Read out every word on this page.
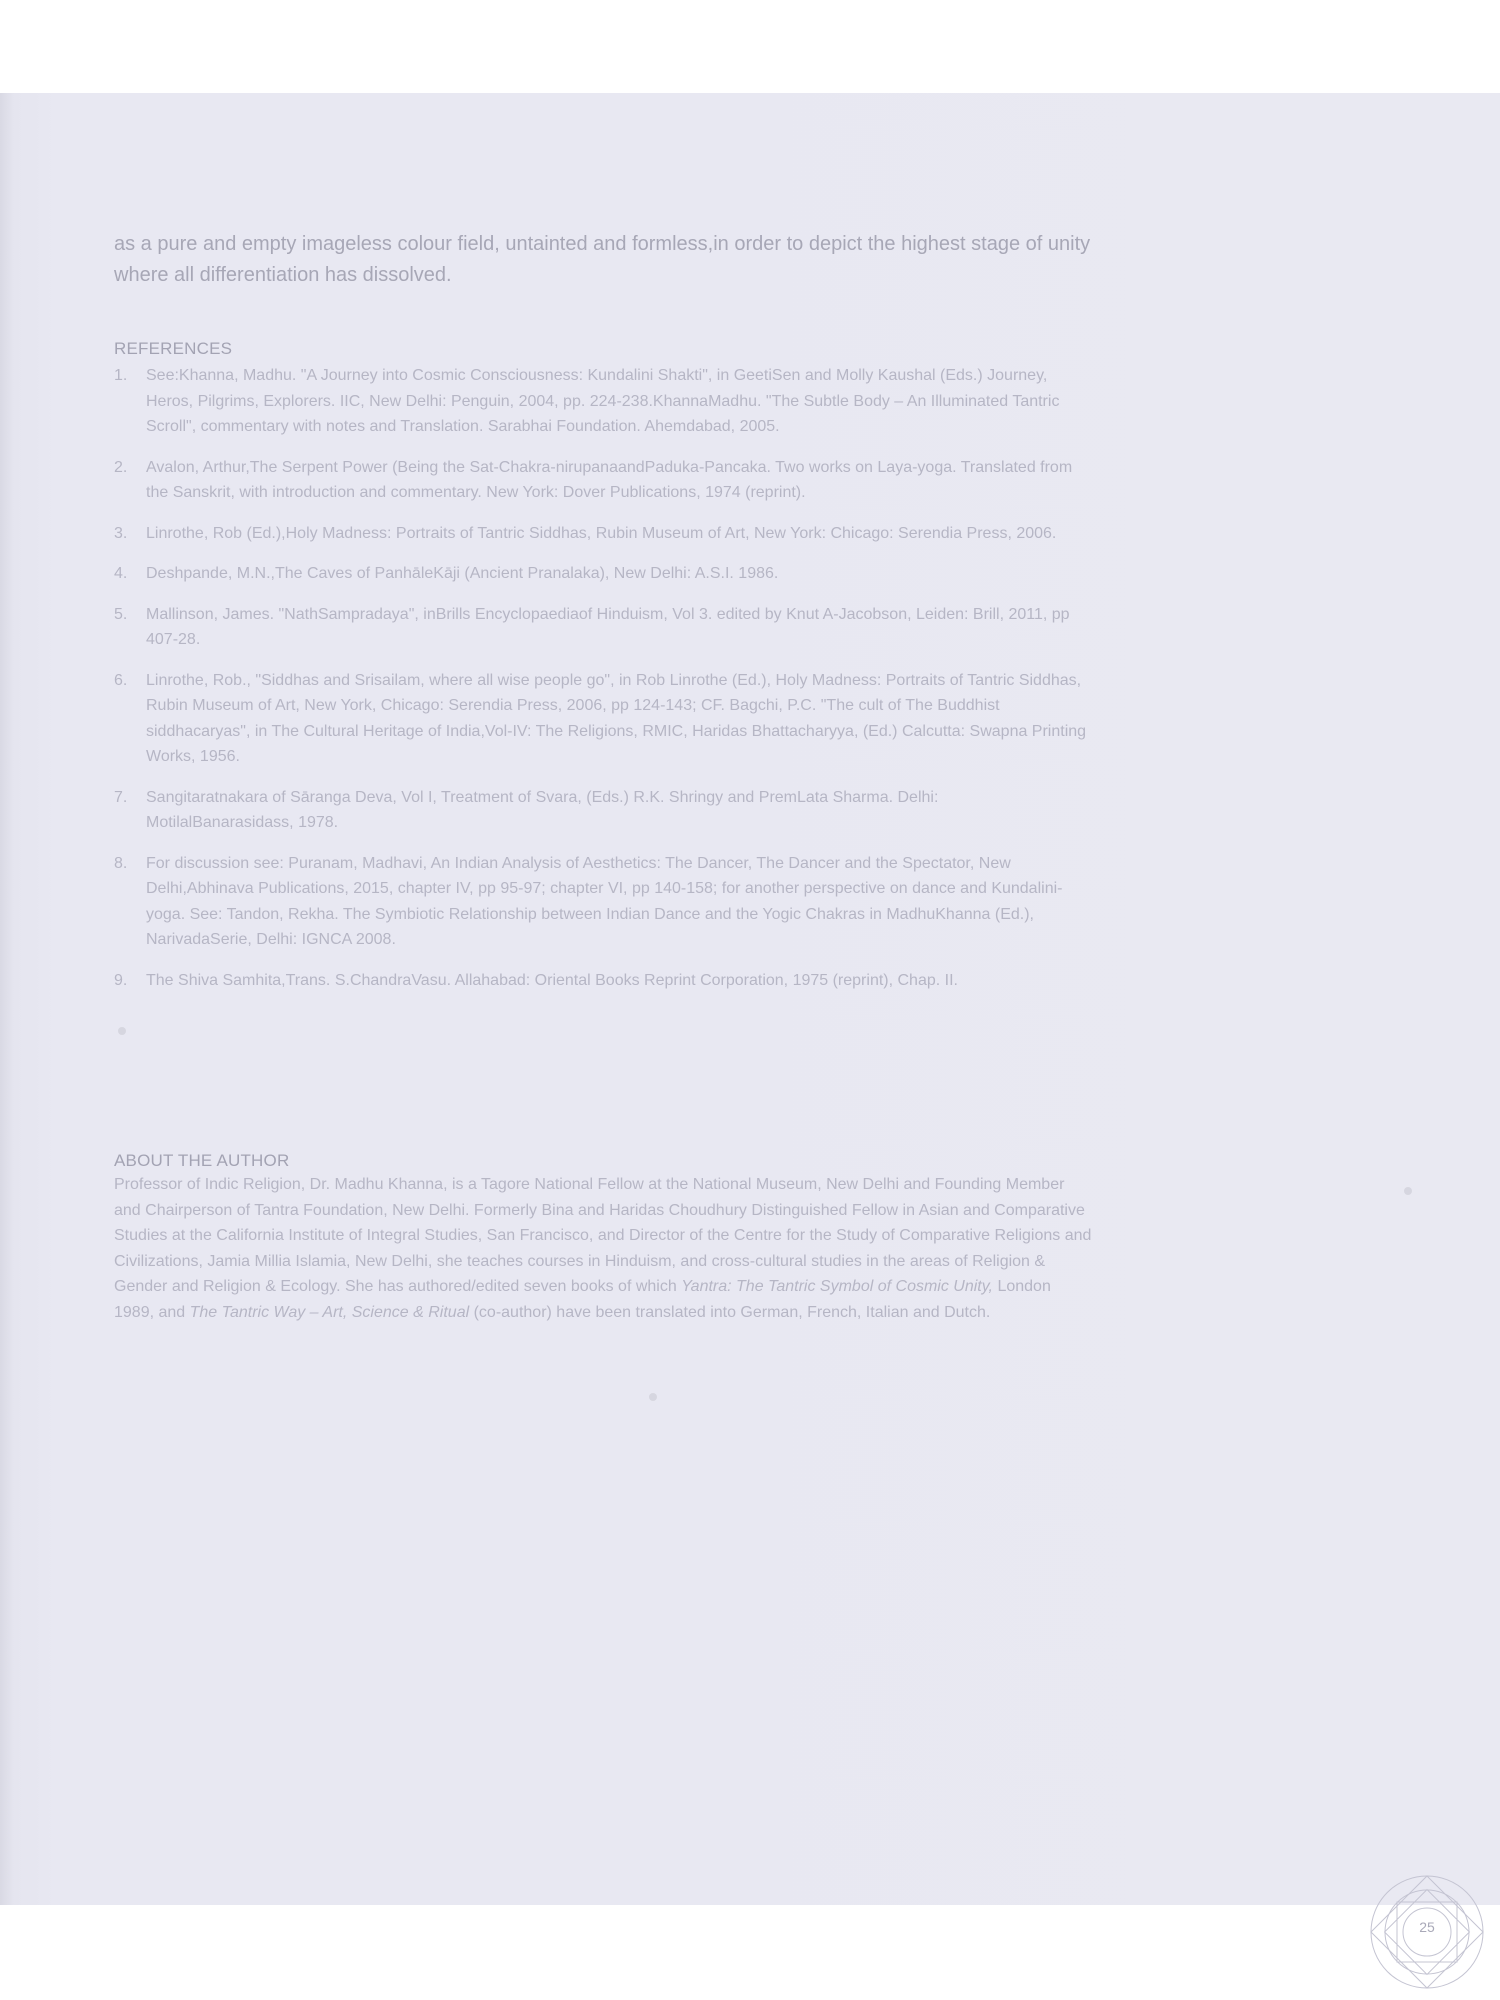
as a pure and empty imageless colour field, untainted and formless,in order to depict the highest stage of unity where all differentiation has dissolved.

REFERENCES

1. See:Khanna, Madhu. "A Journey into Cosmic Consciousness: Kundalini Shakti", in GeetiSen and Molly Kaushal (Eds.) Journey, Heros, Pilgrims, Explorers. IIC, New Delhi: Penguin, 2004, pp. 224-238.KhannaMadhu. "The Subtle Body – An Illuminated Tantric Scroll", commentary with notes and Translation. Sarabhai Foundation. Ahemdabad, 2005.
2. Avalon, Arthur,The Serpent Power (Being the Sat-Chakra-nirupanaandPaduka-Pancaka. Two works on Laya-yoga. Translated from the Sanskrit, with introduction and commentary. New York: Dover Publications, 1974 (reprint).
3. Linrothe, Rob (Ed.),Holy Madness: Portraits of Tantric Siddhas, Rubin Museum of Art, New York: Chicago: Serendia Press, 2006.
4. Deshpande, M.N.,The Caves of PanhāleKāji (Ancient Pranalaka), New Delhi: A.S.I. 1986.
5. Mallinson, James. "NathSampradaya", inBrills Encyclopaediaof Hinduism, Vol 3. edited by Knut A-Jacobson, Leiden: Brill, 2011, pp 407-28.
6. Linrothe, Rob., "Siddhas and Srisailam, where all wise people go", in Rob Linrothe (Ed.), Holy Madness: Portraits of Tantric Siddhas, Rubin Museum of Art, New York, Chicago: Serendia Press, 2006, pp 124-143; CF. Bagchi, P.C. "The cult of The Buddhist siddhacaryas", in The Cultural Heritage of India,Vol-IV: The Religions, RMIC, Haridas Bhattacharyya, (Ed.) Calcutta: Swapna Printing Works, 1956.
7. Sangitaratnakara of Sāranga Deva, Vol I, Treatment of Svara, (Eds.) R.K. Shringy and PremLata Sharma. Delhi: MotilalBanarasidass, 1978.
8. For discussion see: Puranam, Madhavi, An Indian Analysis of Aesthetics: The Dancer, The Dancer and the Spectator, New Delhi,Abhinava Publications, 2015, chapter IV, pp 95-97; chapter VI, pp 140-158; for another perspective on dance and Kundalini-yoga. See: Tandon, Rekha. The Symbiotic Relationship between Indian Dance and the Yogic Chakras in MadhuKhanna (Ed.), NarivadaSerie, Delhi: IGNCA 2008.
9. The Shiva Samhita,Trans. S.ChandraVasu. Allahabad: Oriental Books Reprint Corporation, 1975 (reprint), Chap. II.

ABOUT THE AUTHOR

Professor of Indic Religion, Dr. Madhu Khanna, is a Tagore National Fellow at the National Museum, New Delhi and Founding Member and Chairperson of Tantra Foundation, New Delhi. Formerly Bina and Haridas Choudhury Distinguished Fellow in Asian and Comparative Studies at the California Institute of Integral Studies, San Francisco, and Director of the Centre for the Study of Comparative Religions and Civilizations, Jamia Millia Islamia, New Delhi, she teaches courses in Hinduism, and cross-cultural studies in the areas of Religion & Gender and Religion & Ecology. She has authored/edited seven books of which Yantra: The Tantric Symbol of Cosmic Unity, London 1989, and The Tantric Way – Art, Science & Ritual (co-author) have been translated into German, French, Italian and Dutch.

25
